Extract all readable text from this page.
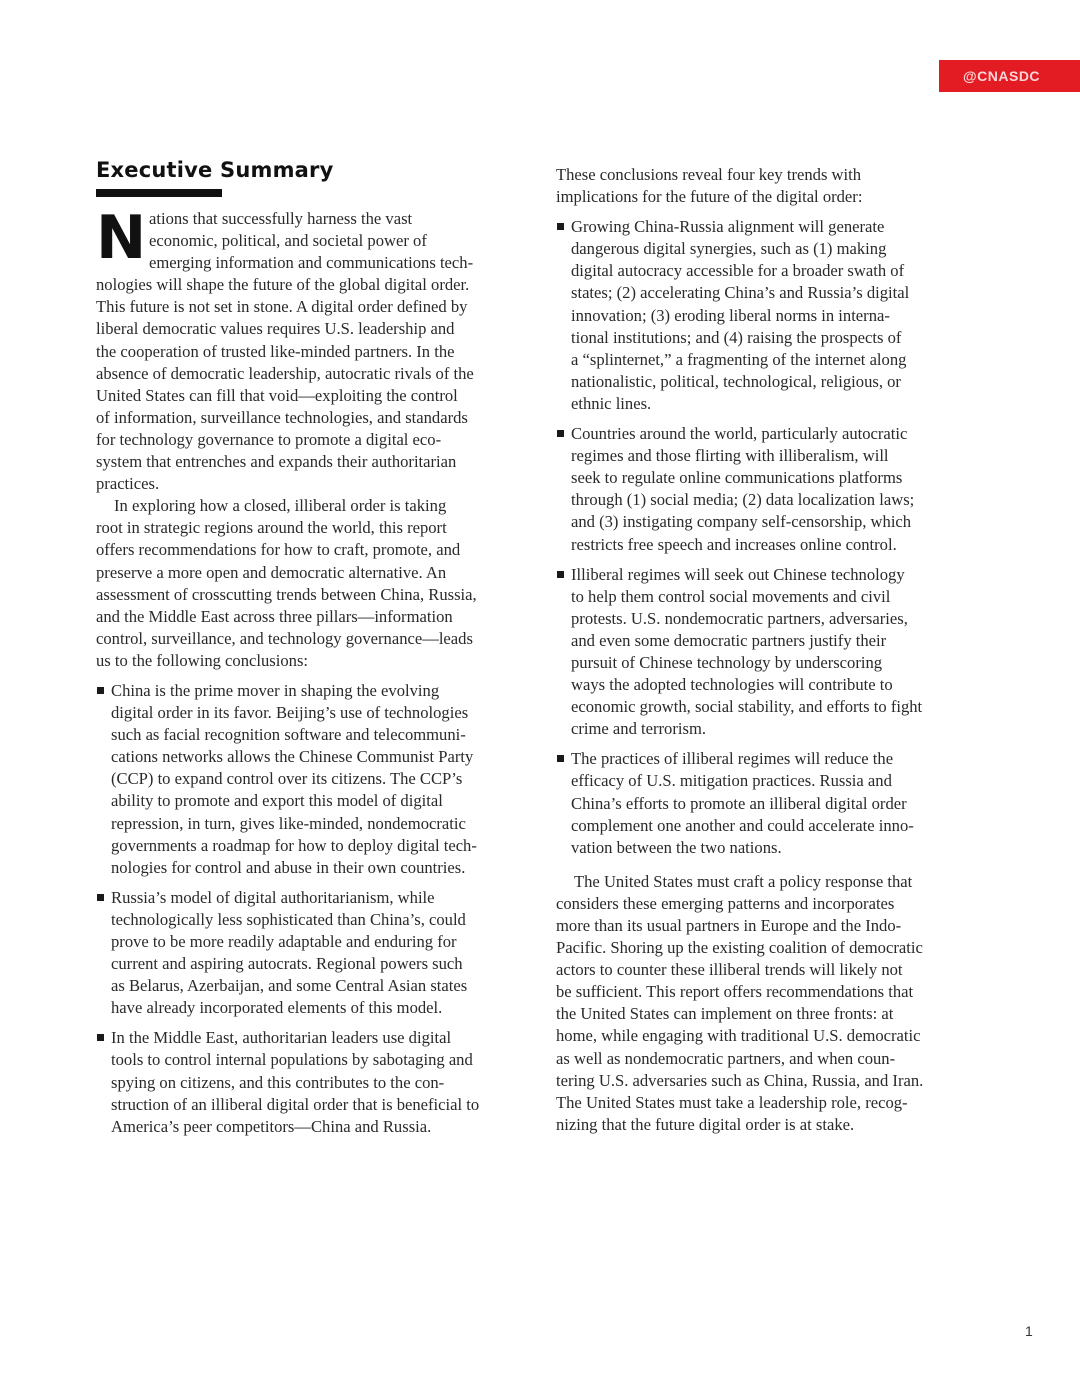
@CNASDC
Executive Summary
N ations that successfully harness the vast
economic, political, and societal power of
emerging information and communications tech-
nologies will shape the future of the global digital order.
This future is not set in stone. A digital order defined by
liberal democratic values requires U.S. leadership and
the cooperation of trusted like-minded partners. In the
absence of democratic leadership, autocratic rivals of the
United States can fill that void—exploiting the control
of information, surveillance technologies, and standards
for technology governance to promote a digital eco-
system that entrenches and expands their authoritarian
practices.
In exploring how a closed, illiberal order is taking
root in strategic regions around the world, this report
offers recommendations for how to craft, promote, and
preserve a more open and democratic alternative. An
assessment of crosscutting trends between China, Russia,
and the Middle East across three pillars—information
control, surveillance, and technology governance—leads
us to the following conclusions:
China is the prime mover in shaping the evolving
digital order in its favor. Beijing’s use of technologies
such as facial recognition software and telecommuni-
cations networks allows the Chinese Communist Party
(CCP) to expand control over its citizens. The CCP’s
ability to promote and export this model of digital
repression, in turn, gives like-minded, nondemocratic
governments a roadmap for how to deploy digital tech-
nologies for control and abuse in their own countries.
Russia’s model of digital authoritarianism, while
technologically less sophisticated than China’s, could
prove to be more readily adaptable and enduring for
current and aspiring autocrats. Regional powers such
as Belarus, Azerbaijan, and some Central Asian states
have already incorporated elements of this model.
In the Middle East, authoritarian leaders use digital
tools to control internal populations by sabotaging and
spying on citizens, and this contributes to the con-
struction of an illiberal digital order that is beneficial to
America’s peer competitors—China and Russia.
These conclusions reveal four key trends with
implications for the future of the digital order:
Growing China-Russia alignment will generate
dangerous digital synergies, such as (1) making
digital autocracy accessible for a broader swath of
states; (2) accelerating China’s and Russia’s digital
innovation; (3) eroding liberal norms in interna-
tional institutions; and (4) raising the prospects of
a “splinternet,” a fragmenting of the internet along
nationalistic, political, technological, religious, or
ethnic lines.
Countries around the world, particularly autocratic
regimes and those flirting with illiberalism, will
seek to regulate online communications platforms
through (1) social media; (2) data localization laws;
and (3) instigating company self-censorship, which
restricts free speech and increases online control.
Illiberal regimes will seek out Chinese technology
to help them control social movements and civil
protests. U.S. nondemocratic partners, adversaries,
and even some democratic partners justify their
pursuit of Chinese technology by underscoring
ways the adopted technologies will contribute to
economic growth, social stability, and efforts to fight
crime and terrorism.
The practices of illiberal regimes will reduce the
efficacy of U.S. mitigation practices. Russia and
China’s efforts to promote an illiberal digital order
complement one another and could accelerate inno-
vation between the two nations.
The United States must craft a policy response that
considers these emerging patterns and incorporates
more than its usual partners in Europe and the Indo-
Pacific. Shoring up the existing coalition of democratic
actors to counter these illiberal trends will likely not
be sufficient. This report offers recommendations that
the United States can implement on three fronts: at
home, while engaging with traditional U.S. democratic
as well as nondemocratic partners, and when coun-
tering U.S. adversaries such as China, Russia, and Iran.
The United States must take a leadership role, recog-
nizing that the future digital order is at stake.
1
